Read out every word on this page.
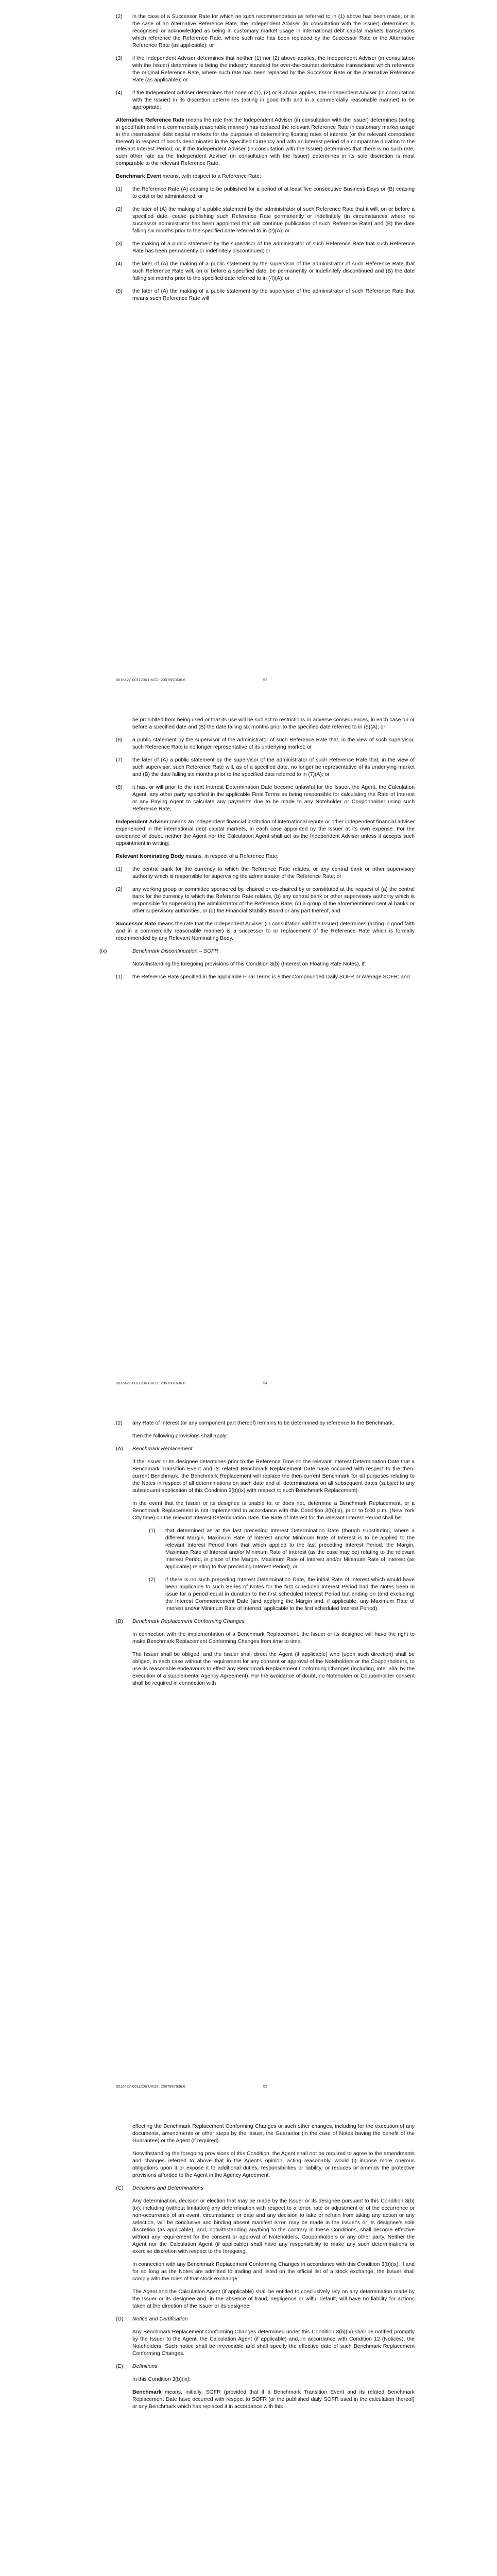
(2) in the case of a Successor Rate for which no such recommendation as referred to in (1) above has been made, or in the case of an Alternative Reference Rate, the Independent Adviser (in consultation with the Issuer) determines is recognised or acknowledged as being in customary market usage in international debt capital markets transactions which reference the Reference Rate, where such rate has been replaced by the Successor Rate or the Alternative Reference Rate (as applicable); or
(3) if the Independent Adviser determines that neither (1) nor (2) above applies, the Independent Adviser (in consultation with the Issuer) determines is being the industry standard for over-the-counter derivative transactions which reference the original Reference Rate, where such rate has been replaced by the Successor Rate or the Alternative Reference Rate (as applicable); or
(4) if the Independent Adviser determines that none of (1), (2) or 3 above applies, the Independent Adviser (in consultation with the Issuer) in its discretion determines (acting in good faith and in a commercially reasonable manner) to be appropriate;

Alternative Reference Rate means the rate that the Independent Adviser (in consultation with the Issuer) determines (acting in good faith and in a commercially reasonable manner) has replaced the relevant Reference Rate in customary market usage in the international debt capital markets for the purposes of determining floating rates of interest (or the relevant component thereof) in respect of bonds denominated in the Specified Currency and with an interest period of a comparable duration to the relevant Interest Period, or, if the Independent Adviser (in consultation with the Issuer) determines that there is no such rate, such other rate as the Independent Adviser (in consultation with the Issuer) determines in its sole discretion is most comparable to the relevant Reference Rate;

Benchmark Event means, with respect to a Reference Rate:

(1) the Reference Rate (A) ceasing to be published for a period of at least five consecutive Business Days or (B) ceasing to exist or be administered; or
(2) the later of (A) the making of a public statement by the administrator of such Reference Rate that it will, on or before a specified date, cease publishing such Reference Rate permanently or indefinitely (in circumstances where no successor administrator has been appointed that will continue publication of such Reference Rate) and (B) the date falling six months prior to the specified date referred to in (2)(A); or
(3) the making of a public statement by the supervisor of the administrator of such Reference Rate that such Reference Rate has been permanently or indefinitely discontinued; or
(4) the later of (A) the making of a public statement by the supervisor of the administrator of such Reference Rate that such Reference Rate will, on or before a specified date, be permanently or indefinitely discontinued and (B) the date falling six months prior to the specified date referred to in (4)(A); or
(5) the later of (A) the making of a public statement by the supervisor of the administrator of such Reference Rate that means such Reference Rate will
0015427-0011206 UKO2: 2007887636.6	53
be prohibited from being used or that its use will be subject to restrictions or adverse consequences, in each case on or before a specified date and (B) the date falling six months prior to the specified date referred to in (5)(A); or
(6) a public statement by the supervisor of the administrator of such Reference Rate that, in the view of such supervisor, such Reference Rate is no longer representative of its underlying market; or
(7) the later of (A) a public statement by the supervisor of the administrator of such Reference Rate that, in the view of such supervisor, such Reference Rate will, as of a specified date, no longer be representative of its underlying market and (B) the date falling six months prior to the specified date referred to in (7)(A); or
(8) it has, or will prior to the next Interest Determination Date become unlawful for the Issuer, the Agent, the Calculation Agent, any other party specified in the applicable Final Terms as being responsible for calculating the Rate of Interest or any Paying Agent to calculate any payments due to be made to any Noteholder or Couponholder using such Reference Rate;

Independent Adviser means an independent financial institution of international repute or other independent financial adviser experienced in the international debt capital markets, in each case appointed by the Issuer at its own expense. For the avoidance of doubt, neither the Agent nor the Calculation Agent shall act as the Independent Adviser unless it accepts such appointment in writing;

Relevant Nominating Body means, in respect of a Reference Rate:

(1) the central bank for the currency to which the Reference Rate relates, or any central bank or other supervisory authority which is responsible for supervising the administrator of the Reference Rate; or
(2) any working group or committee sponsored by, chaired or co-chaired by or constituted at the request of (a) the central bank for the currency to which the Reference Rate relates, (b) any central bank or other supervisory authority which is responsible for supervising the administrator of the Reference Rate, (c) a group of the aforementioned central banks or other supervisory authorities, or (d) the Financial Stability Board or any part thereof; and

Successor Rate means the rate that the Independent Adviser (in consultation with the Issuer) determines (acting in good faith and in a commercially reasonable manner) is a successor to or replacement of the Reference Rate which is formally recommended by any Relevant Nominating Body.

(ix)	Benchmark Discontinuation – SOFR

Notwithstanding the foregoing provisions of this Condition 3(b) (Interest on Floating Rate Notes), if:

(1) the Reference Rate specified in the applicable Final Terms is either Compounded Daily SOFR or Average SOFR; and
0015427-0011206 UKO2: 2007887636.6	54
(2) any Rate of Interest (or any component part thereof) remains to be determined by reference to the Benchmark,

then the following provisions shall apply:

(A) Benchmark Replacement

If the Issuer or its designee determines prior to the Reference Time on the relevant Interest Determination Date that a Benchmark Transition Event and its related Benchmark Replacement Date have occurred with respect to the then-current Benchmark, the Benchmark Replacement will replace the then-current Benchmark for all purposes relating to the Notes in respect of all determinations on such date and all determinations on all subsequent dates (subject to any subsequent application of this Condition 3(b)(ix) with respect to such Benchmark Replacement).

In the event that the Issuer or its designee is unable to, or does not, determine a Benchmark Replacement, or a Benchmark Replacement is not implemented in accordance with this Condition 3(b)(ix), prior to 5:00 p.m. (New York City time) on the relevant Interest Determination Date, the Rate of Interest for the relevant Interest Period shall be:

(1) that determined as at the last preceding Interest Determination Date (though substituting, where a different Margin, Maximum Rate of Interest and/or Minimum Rate of Interest is to be applied to the relevant Interest Period from that which applied to the last preceding Interest Period, the Margin, Maximum Rate of Interest and/or Minimum Rate of Interest (as the case may be) relating to the relevant Interest Period, in place of the Margin, Maximum Rate of Interest and/or Minimum Rate of Interest (as applicable) relating to that preceding Interest Period); or
(2) if there is no such preceding Interest Determination Date, the initial Rate of Interest which would have been applicable to such Series of Notes for the first scheduled Interest Period had the Notes been in issue for a period equal in duration to the first scheduled Interest Period but ending on (and excluding) the Interest Commencement Date (and applying the Margin and, if applicable, any Maximum Rate of Interest and/or Minimum Rate of Interest, applicable to the first scheduled Interest Period).
(B) Benchmark Replacement Conforming Changes

In connection with the implementation of a Benchmark Replacement, the Issuer or its designee will have the right to make Benchmark Replacement Conforming Changes from time to time.

The Issuer shall be obliged, and the Issuer shall direct the Agent (if applicable) who (upon such direction) shall be obliged, in each case without the requirement for any consent or approval of the Noteholders or the Couponholders, to use its reasonable endeavours to effect any Benchmark Replacement Conforming Changes (including, inter alia, by the execution of a supplemental Agency Agreement). For the avoidance of doubt, no Noteholder or Couponholder consent shall be required in connection with

0015427-0011206 UKO2: 2007887636.6	55

effecting the Benchmark Replacement Conforming Changes or such other changes, including for the execution of any documents, amendments or other steps by the Issuer, the Guarantor (in the case of Notes having the benefit of the Guarantee) or the Agent (if required).

Notwithstanding the foregoing provisions of this Condition, the Agent shall not be required to agree to the amendments and changes referred to above that in the Agent's opinion, acting reasonably, would (i) impose more onerous obligations upon it or expose it to additional duties, responsibilities or liability, or reduces or amends the protective provisions afforded to the Agent in the Agency Agreement.

(C) Decisions and Determinations

Any determination, decision or election that may be made by the Issuer or its designee pursuant to this Condition 3(b)(ix), including (without limitation) any determination with respect to a tenor, rate or adjustment or of the occurrence or non-occurrence of an event, circumstance or date and any decision to take or refrain from taking any action or any selection, will be conclusive and binding absent manifest error, may be made in the Issuer's or its designee's sole discretion (as applicable), and, notwithstanding anything to the contrary in these Conditions, shall become effective without any requirement for the consent or approval of Noteholders, Couponholders or any other party. Neither the Agent nor the Calculation Agent (if applicable) shall have any responsibility to make any such determinations or exercise discretion with respect to the foregoing.

In connection with any Benchmark Replacement Conforming Changes in accordance with this Condition 3(b)(ix), if and for so long as the Notes are admitted to trading and listed on the official list of a stock exchange, the Issuer shall comply with the rules of that stock exchange.

The Agent and the Calculation Agent (if applicable) shall be entitled to conclusively rely on any determination made by the Issuer or its designee and, in the absence of fraud, negligence or wilful default, will have no liability for actions taken at the direction of the Issuer or its designee.

(D) Notice and Certification

Any Benchmark Replacement Conforming Changes determined under this Condition 3(b)(ix) shall be notified promptly by the Issuer to the Agent, the Calculation Agent (if applicable) and, in accordance with Condition 12 (Notices), the Noteholders. Such notice shall be irrevocable and shall specify the effective date of such Benchmark Replacement Conforming Changes.

(E) Definitions

In this Condition 3(b)(ix):

Benchmark means, initially, SOFR (provided that if a Benchmark Transition Event and its related Benchmark Replacement Date have occurred with respect to SOFR (or the published daily SOFR used in the calculation thereof) or any Benchmark which has replaced it in accordance with this
